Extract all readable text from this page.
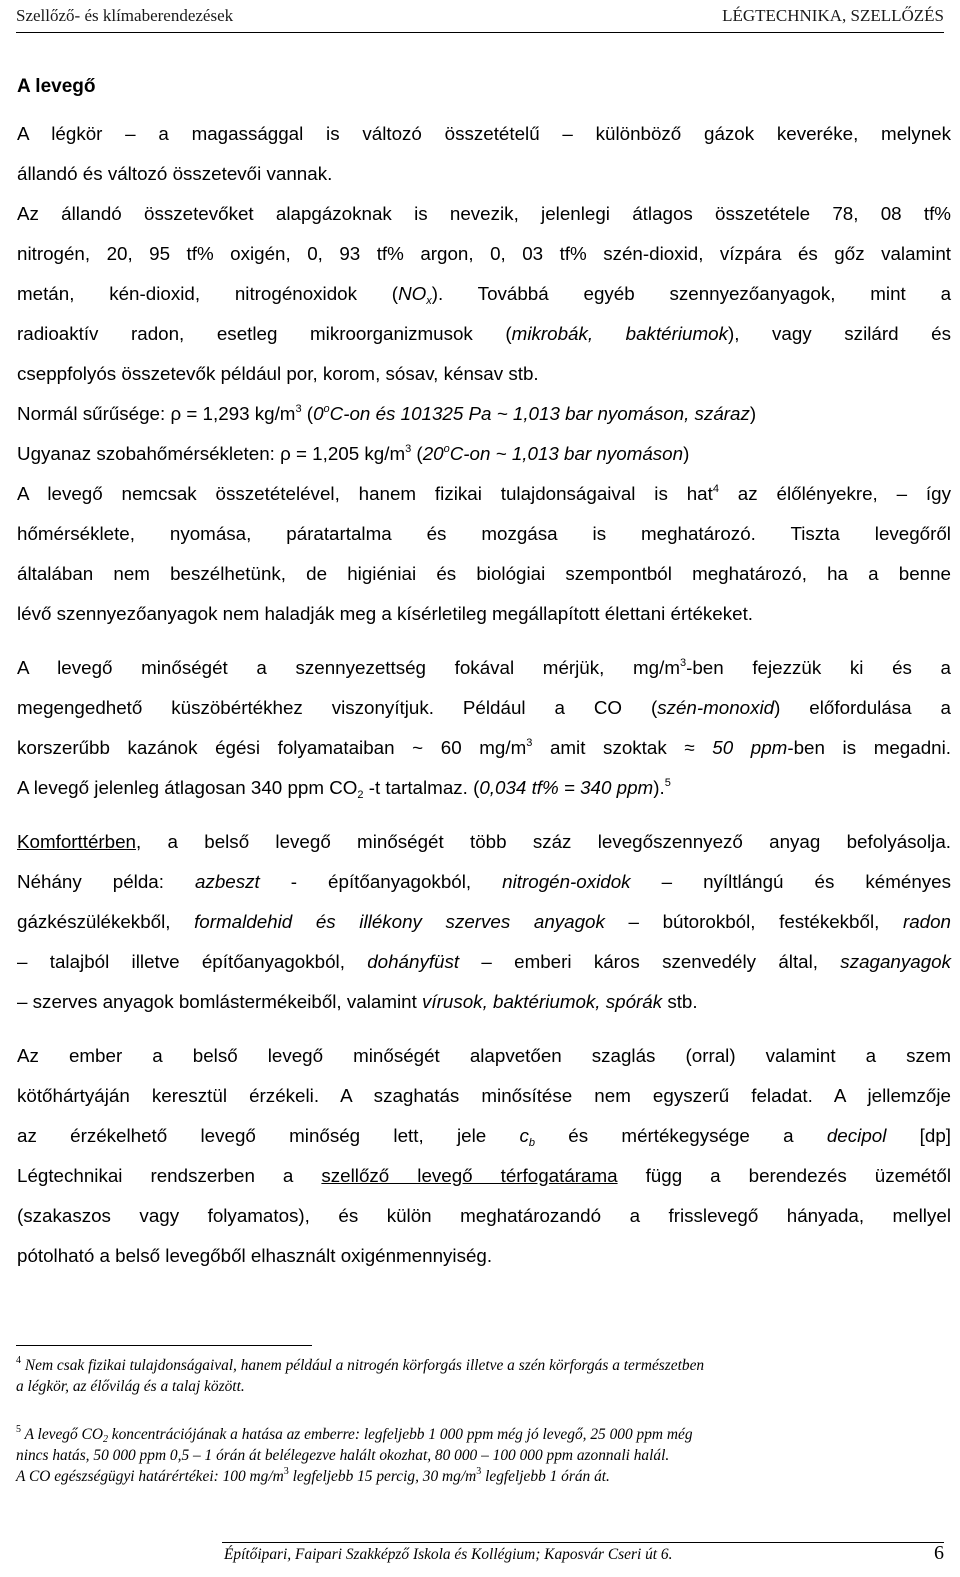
Szellőző- és klímaberendezések	LÉGTECHNIKA, SZELLŐZÉS
A levegő
A légkör – a magassággal is változó összetételű – különböző gázok keveréke, melynek
állandó és változó összetevői vannak.
Az állandó összetevőket alapgázoknak is nevezik, jelenlegi átlagos összetétele 78, 08 tf%
nitrogén, 20, 95 tf% oxigén, 0, 93 tf% argon, 0, 03 tf% szén-dioxid, vízpára és gőz valamint
metán, kén-dioxid, nitrogénoxidok $(NO_x)$. Továbbá egyéb szennyezőanyagok, mint a
radioaktív radon, esetleg mikroorganizmusok (mikrobák, baktériumok), vagy szilárd és
cseppfolyós összetevők például por, korom, sósav, kénsav stb.
Normál sűrűsége: ρ = 1,293 $kg/m^3$ (0$^o$C-on és 101325 Pa ~ 1,013 bar nyomáson, száraz)
Ugyanaz szobahőmérsékleten: ρ = 1,205 $kg/m^3$ (20$^o$C-on ~ 1,013 bar nyomáson)
A levegő nemcsak összetételével, hanem fizikai tulajdonságaival is hat$^4$ az élőlényekre, – így
hőmérséklete, nyomása, páratartalma és mozgása is meghatározó. Tiszta levegőről
általában nem beszélhetünk, de higiéniai és biológiai szempontból meghatározó, ha a benne
lévő szennyezőanyagok nem haladják meg a kísérletileg megállapított élettani értékeket.
A levegő minőségét a szennyezettség fokával mérjük, $mg/m^3$-ben fejezzük ki és a
megengedhető küszöbértékhez viszonyítjuk. Például a CO (szén-monoxid) előfordulása a
korszerűbb kazánok égési folyamataiban ~ 60 $mg/m^3$ amit szoktak ≈ 50 ppm-ben is megadni.
A levegő jelenleg átlagosan 340 ppm $CO_2$ -t tartalmaz. (0,034 tf% = 340 ppm).$^5$
Komforttérben, a belső levegő minőségét több száz levegőszennyező anyag befolyásolja.
Néhány példa: azbeszt - építőanyagokból, nitrogén-oxidok – nyíltlángú és kéményes
gázkészülékekből, formaldehid és illékony szerves anyagok – bútorokból, festékekből, radon
– talajból illetve építőanyagokból, dohányfüst – emberi káros szenvedély által, szaganyagok
– szerves anyagok bomlástermékeiből, valamint vírusok, baktériumok, spórák stb.
Az ember a belső levegő minőségét alapvetően szaglás (orral) valamint a szem
kötőhártyáján keresztül érzékeli. A szaghatás minősítése nem egyszerű feladat. A jellemzője
az érzékelhető levegő minőség lett, jele $c_b$ és mértékegysége a decipol [dp]
Légtechnikai rendszerben a szellőző levegő térfogatárama függ a berendezés üzemétől
(szakaszos vagy folyamatos), és külön meghatározandó a frisslevegő hányada, mellyel
pótolható a belső levegőből elhasznált oxigénmennyiség.
$^4$ Nem csak fizikai tulajdonságaival, hanem például a nitrogén körforgás illetve a szén körforgás a természetben
a légkör, az élővilág és a talaj között.
$^5$ A levegő $CO_2$ koncentrációjának a hatása az emberre: legfeljebb 1 000 ppm még jó levegő, 25 000 ppm még
nincs hatás, 50 000 ppm 0,5 – 1 órán át belélegezve halált okozhat, 80 000 – 100 000 ppm azonnali halál.
A CO egészségügyi határértékei: 100 $mg/m^3$ legfeljebb 15 percig, 30 $mg/m^3$ legfeljebb 1 órán át.
Építőipari, Faipari Szakképző Iskola és Kollégium; Kaposvár Cseri út 6.	6
